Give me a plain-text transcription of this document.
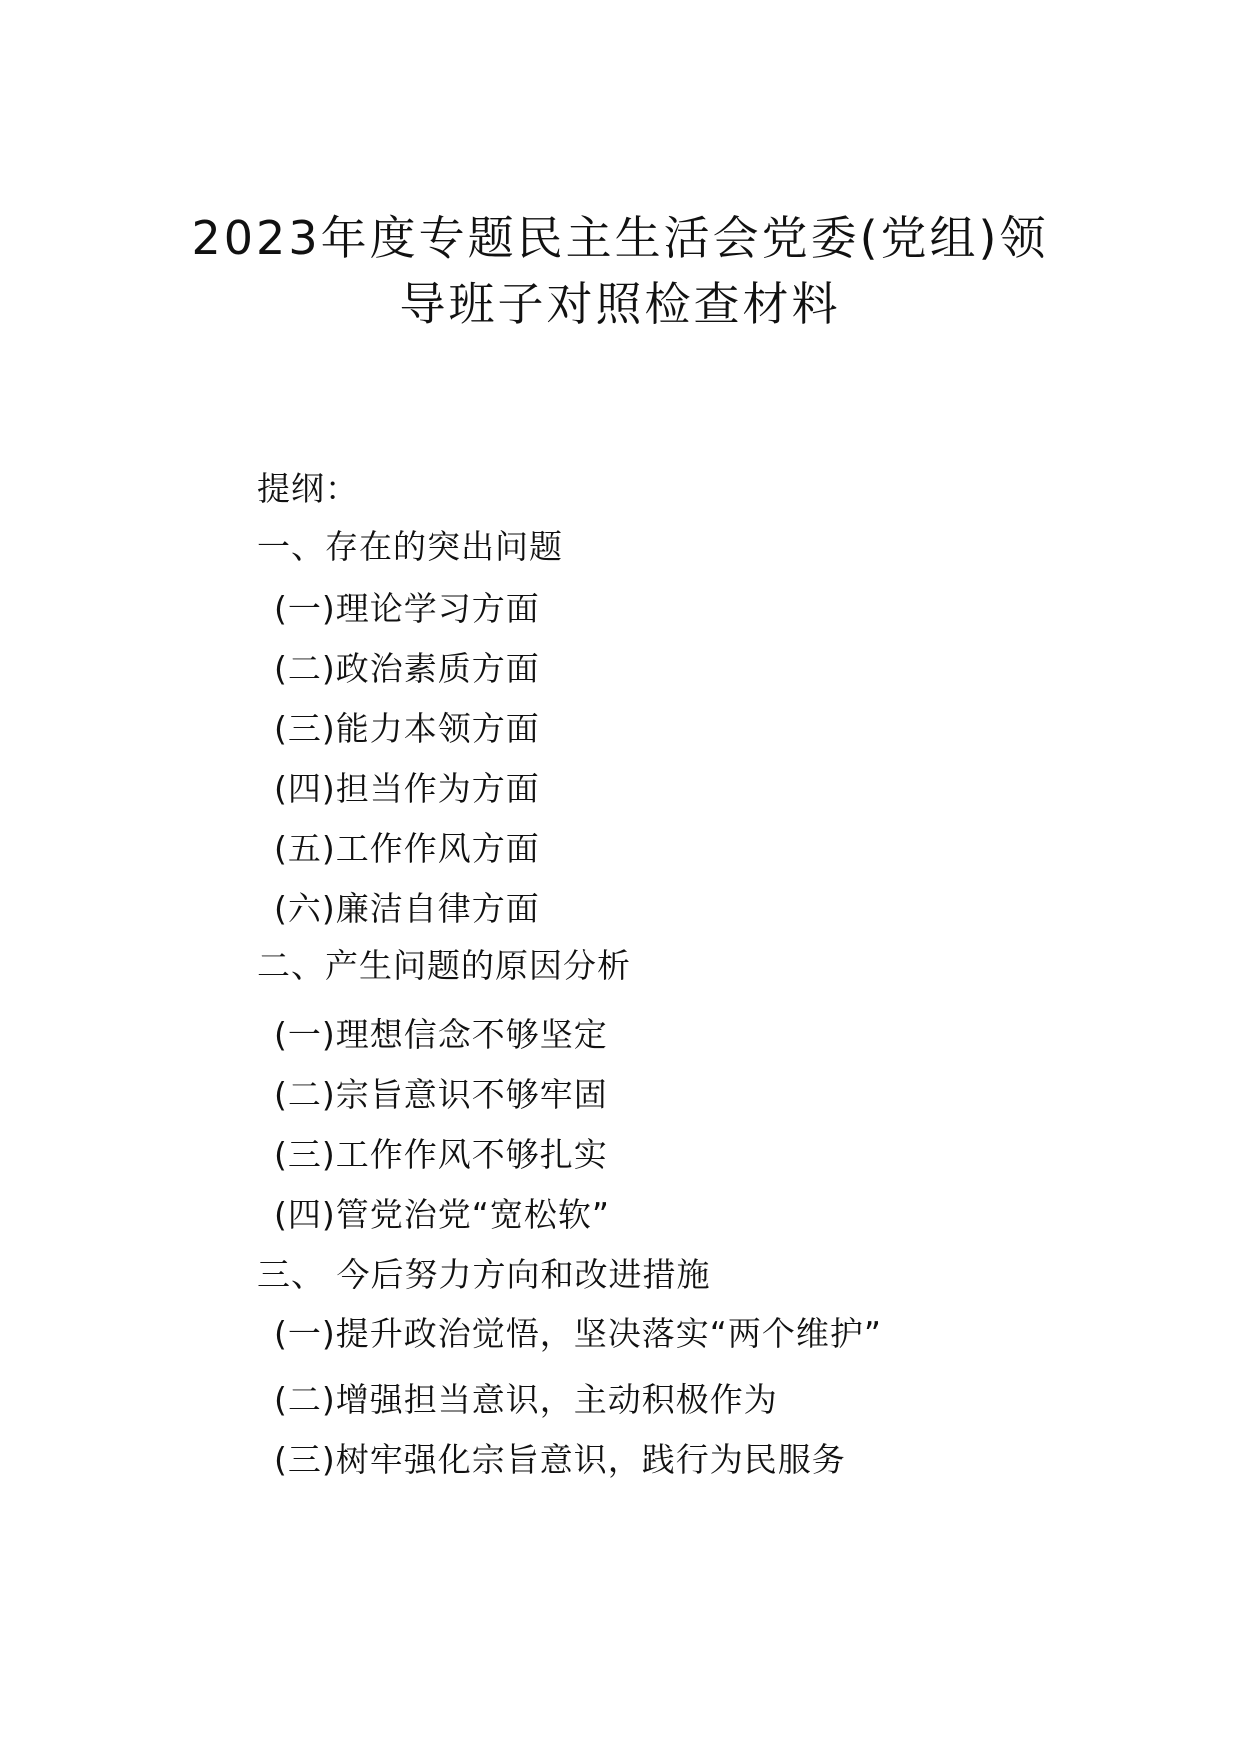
2023年度专题民主生活会党委(党组)领
导班子对照检查材料
提纲：
一、存在的突出问题
(一)理论学习方面
(二)政治素质方面
(三)能力本领方面
(四)担当作为方面
(五)工作作风方面
(六)廉洁自律方面
二、产生问题的原因分析
(一)理想信念不够坚定
(二)宗旨意识不够牢固
(三)工作作风不够扎实
(四)管党治党“宽松软”
三、 今后努力方向和改进措施
(一)提升政治觉悟，坚决落实“两个维护”
(二)增强担当意识，主动积极作为
(三)树牢强化宗旨意识，践行为民服务
